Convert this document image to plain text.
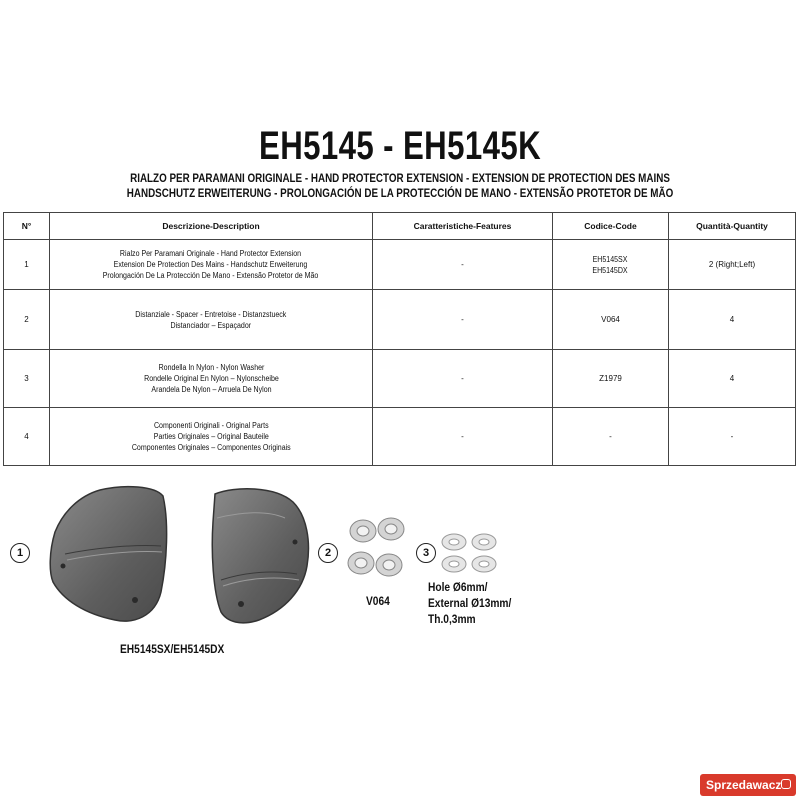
EH5145 - EH5145K
RIALZO PER PARAMANI ORIGINALE - HAND PROTECTOR EXTENSION - EXTENSION DE PROTECTION DES MAINS
HANDSCHUTZ ERWEITERUNG - PROLONGACIÓN DE LA PROTECCIÓN DE MANO - EXTENSÃO PROTETOR DE MÃO
N°	Descrizione-Description	Caratteristiche-Features	Codice-Code	Quantità-Quantity
1	Rialzo Per Paramani Originale - Hand Protector Extension
Extension De Protection Des Mains - Handschutz Erweiterung
Prolongación De La Protección De Mano - Extensão Protetor de Mão	-	EH5145SX
EH5145DX	2 (Right;Left)
2	Distanziale - Spacer - Entretoise - Distanzstueck
Distanciador – Espaçador	-	V064	4
3	Rondella In Nylon - Nylon Washer
Rondelle Original En Nylon – Nylonscheibe
Arandela De Nylon – Arruela De Nylon	-	Z1979	4
4	Componenti Originali - Original Parts
Parties Originales – Original Bauteile
Componentes Originales – Componentes Originais	-	-	-
1	2	3
EH5145SX/EH5145DX
V064
Hole Ø6mm/
External Ø13mm/
Th.0,3mm
Sprzedawacz
